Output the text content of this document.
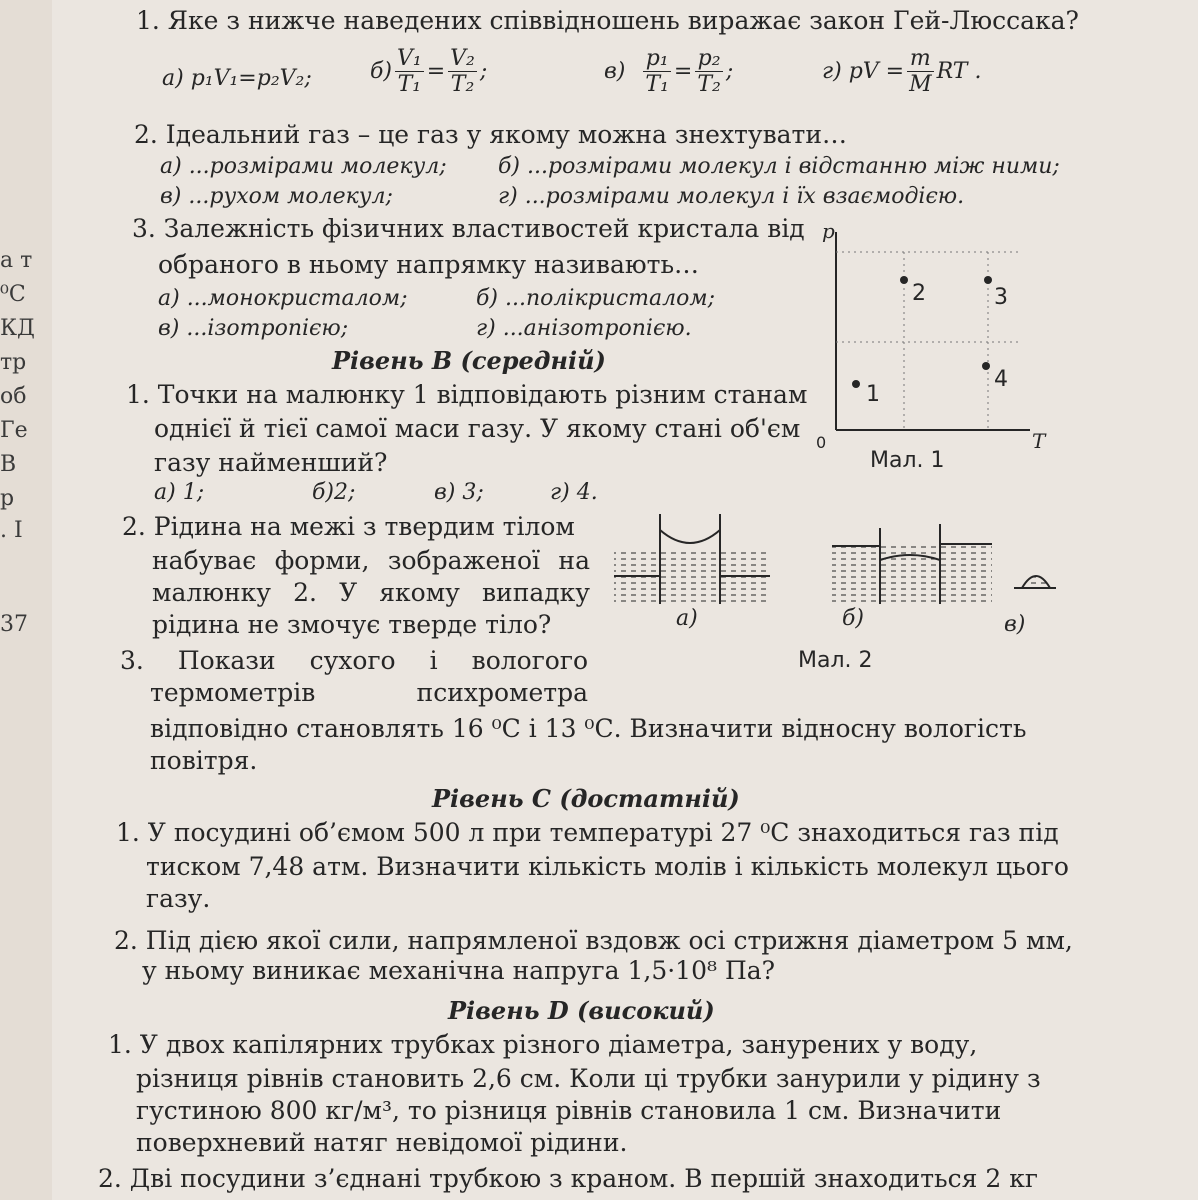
а т
⁰С
КД
тр
об
Ге
В
р
. І
37
1. Яке з нижче наведених співвідношень виражає закон Гей-Люссака?
а) p₁V₁=p₂V₂;	$б) \frac{\text{V₁}}{\text{T₁}} = \frac{\text{V₂}}{\text{T₂}}$ ;	$в) \frac{\text{p₁}}{\text{T₁}} = \frac{\text{p₂}}{\text{T₂}}$ ;	г) pV = $\frac{m}{M}$ RT .
2. Ідеальний газ – це газ у якому можна знехтувати…
а) ...розмірами молекул; б) ...розмірами молекул і відстанню між ними;
в) ...рухом молекул;	г) ...розмірами молекул і їх взаємодією.
3. Залежність фізичних властивостей кристала від
обраного в ньому напрямку називають…
а) ...монокристалом;	б) ...полікристалом;
в) ...ізотропією;	г) ...анізотропією.
Рівень В (середній)
1. Точки на малюнку 1 відповідають різним станам
однієї й тієї самої маси газу. У якому стані об'єм
газу найменший?
а) 1;	б)2;	в) 3;	г) 4.
2. Рідина на межі з твердим тілом
набуває форми, зображеної на
малюнку 2. У якому випадку
рідина не змочує тверде тіло?
3. Покази сухого і вологого
термометрів психрометра
відповідно становлять 16 ⁰С і 13 ⁰С. Визначити відносну вологість
повітря.
1
2	3
4
p
T
0
Мал. 1
а)	б)	в)
Мал. 2
Рівень С (достатній)
1. У посудині об’ємом 500 л при температурі 27 ⁰С знаходиться газ під
тиском 7,48 атм. Визначити кількість молів і кількість молекул цього
газу.
2. Під дією якої сили, напрямленої вздовж осі стрижня діаметром 5 мм,
у ньому виникає механічна напруга 1,5·10⁸ Па?
Рівень D (високий)
1. У двох капілярних трубках різного діаметра, занурених у воду,
різниця рівнів становить 2,6 см. Коли ці трубки занурили у рідину з
густиною 800 кг/м³, то різниця рівнів становила 1 см. Визначити
поверхневий натяг невідомої рідини.
2. Дві посудини з’єднані трубкою з краном. В першій знаходиться 2 кг
